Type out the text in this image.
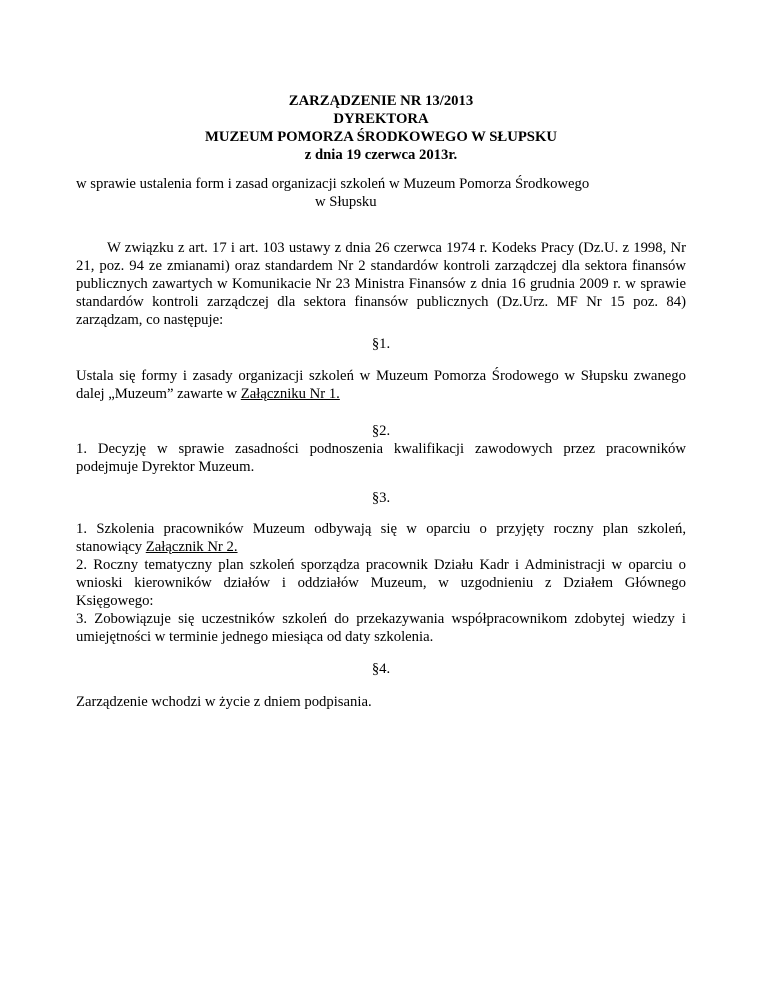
ZARZĄDZENIE NR 13/2013
DYREKTORA
MUZEUM POMORZA ŚRODKOWEGO W SŁUPSKU
z dnia 19 czerwca 2013r.
w sprawie ustalenia form i zasad organizacji szkoleń w Muzeum Pomorza Środkowego
w Słupsku

W związku z art. 17 i art. 103 ustawy z dnia 26 czerwca 1974 r. Kodeks Pracy (Dz.U. z 1998, Nr 21, poz. 94 ze zmianami) oraz standardem Nr 2 standardów kontroli zarządczej dla sektora finansów publicznych zawartych w Komunikacie Nr 23 Ministra Finansów z dnia 16 grudnia 2009 r. w sprawie standardów kontroli zarządczej dla sektora finansów publicznych (Dz.Urz. MF Nr 15 poz. 84) zarządzam, co następuje:

§1.

Ustala się formy i zasady organizacji szkoleń w Muzeum Pomorza Środowego w Słupsku zwanego dalej „Muzeum” zawarte w Załączniku Nr 1.

§2.

1. Decyzję w sprawie zasadności podnoszenia kwalifikacji zawodowych przez pracowników podejmuje Dyrektor Muzeum.

§3.

1. Szkolenia pracowników Muzeum odbywają się w oparciu o przyjęty roczny plan szkoleń, stanowiący Załącznik Nr 2.

2. Roczny tematyczny plan szkoleń sporządza pracownik Działu Kadr i Administracji w oparciu o wnioski kierowników działów i oddziałów Muzeum, w uzgodnieniu z Działem Głównego Księgowego:

3. Zobowiązuje się uczestników szkoleń do przekazywania współpracownikom zdobytej wiedzy i umiejętności w terminie jednego miesiąca od daty szkolenia.

§4.

Zarządzenie wchodzi w życie z dniem podpisania.
